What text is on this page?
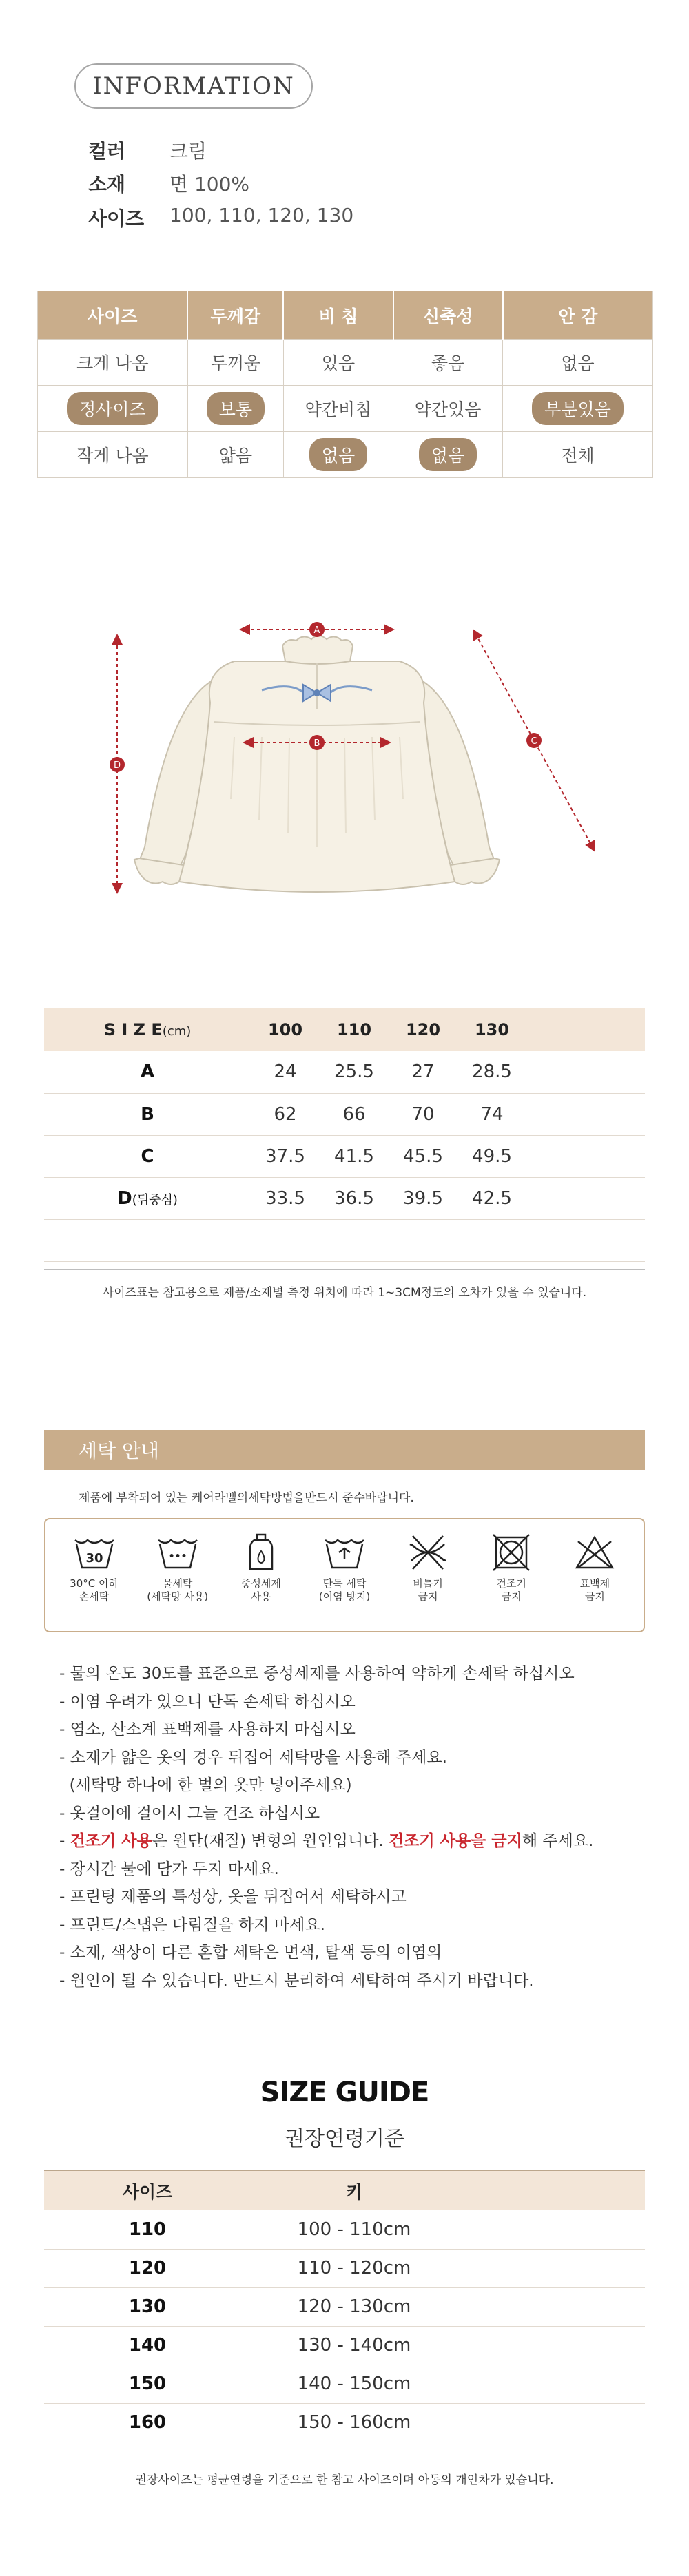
INFORMATION
컬러	크림
소재	면 100%
사이즈	100, 110, 120, 130
사이즈	두께감	비 침	신축성	안 감
크게 나옴	두꺼움	있음	좋음	없음
정사이즈	보통	약간비침	약간있음	부분있음
작게 나옴	얇음	없음	없음	전체
A
B	C
D
S I Z E(cm)	100	110	120	130	
A	24	25.5	27	28.5	
B	62	66	70	74	
C	37.5	41.5	45.5	49.5	
D(뒤중심)	33.5	36.5	39.5	42.5	

사이즈표는 참고용으로 제품/소재별 측정 위치에 따라 1~3CM정도의 오차가 있을 수 있습니다.
세탁 안내
제품에 부착되어 있는 케어라벨의세탁방법을반드시 준수바랍니다.
30
30°C 이하
손세탁
•••
물세탁
(세탁망 사용)
중성세제
사용
단독 세탁
(이염 방지)
비틀기
금지
건조기
금지
표백제
금지
- 물의 온도 30도를 표준으로 중성세제를 사용하여 약하게 손세탁 하십시오
- 이염 우려가 있으니 단독 손세탁 하십시오
- 염소, 산소계 표백제를 사용하지 마십시오
- 소재가 얇은 옷의 경우 뒤집어 세탁망을 사용해 주세요.
(세탁망 하나에 한 벌의 옷만 넣어주세요)
- 옷걸이에 걸어서 그늘 건조 하십시오
- 건조기 사용은 원단(재질) 변형의 원인입니다. 건조기 사용을 금지해 주세요.
- 장시간 물에 담가 두지 마세요.
- 프린팅 제품의 특성상, 옷을 뒤집어서 세탁하시고
- 프린트/스냅은 다림질을 하지 마세요.
- 소재, 색상이 다른 혼합 세탁은 변색, 탈색 등의 이염의
- 원인이 될 수 있습니다. 반드시 분리하여 세탁하여 주시기 바랍니다.
SIZE GUIDE
권장연령기준
사이즈	키	
110	100 - 110cm	
120	110 - 120cm	
130	120 - 130cm	
140	130 - 140cm	
150	140 - 150cm	
160	150 - 160cm	
권장사이즈는 평균연령을 기준으로 한 참고 사이즈이며 아동의 개인차가 있습니다.
